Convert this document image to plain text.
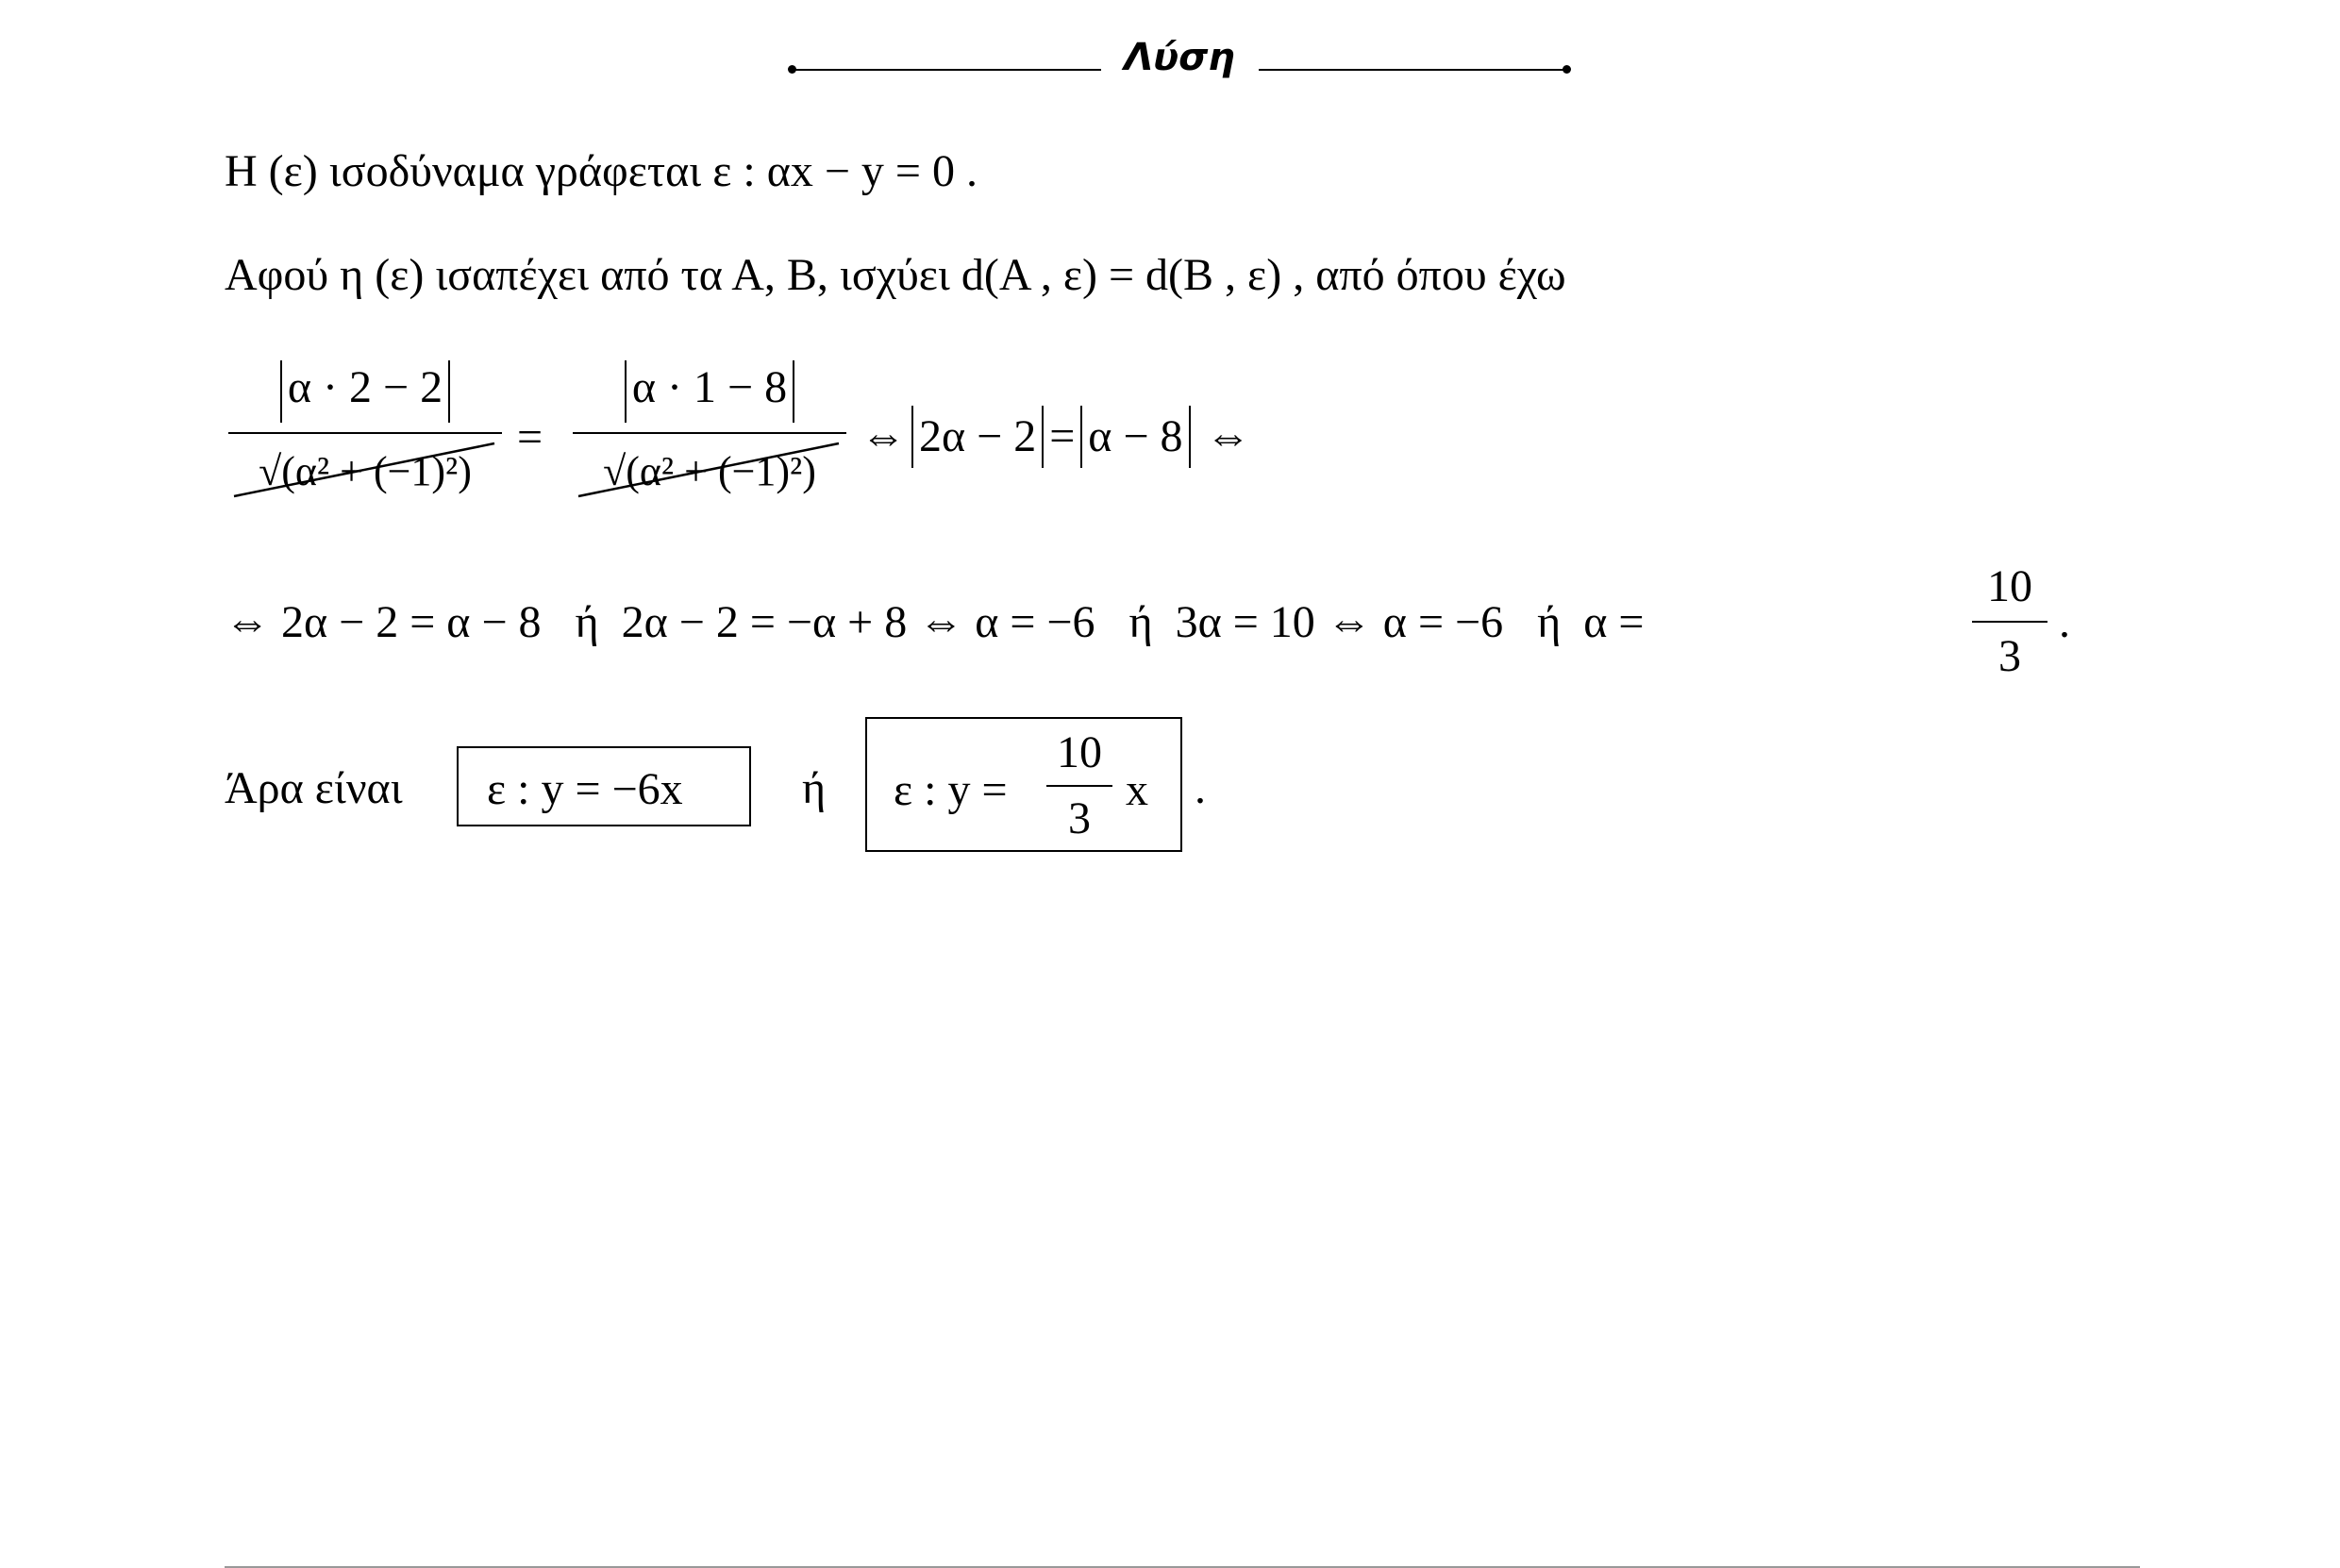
Λύση
Η (ε) ισοδύναμα γράφεται ε : αx − y = 0 .
Αφού η (ε) ισαπέχει από τα Α, Β, ισχύει d(Α , ε) = d(Β , ε) , από όπου έχω
α · 2 − 2
√(α² + (−1)²)
=
α · 1 − 8
√(α² + (−1)²)
⇔ 2α − 2 = α − 8 ⇔
⇔ 2α − 2 = α − 8   ή  2α − 2 = −α + 8 ⇔ α = −6   ή  3α = 10 ⇔ α = −6   ή  α =
10
3
.
Άρα είναι ε : y = −6x	ή ε : y =
10
3
x .
